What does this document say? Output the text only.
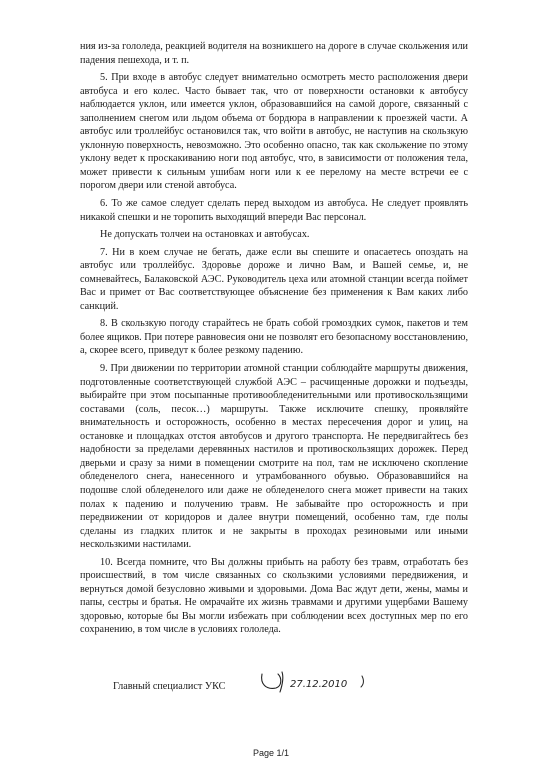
ния из-за гололеда, реакцией водителя на возникшего на дороге в случае скольжения или падения пешехода, и т. п.

5. При входе в автобус следует внимательно осмотреть место расположения двери автобуса и его колес. Часто бывает так, что от поверхности остановки к автобусу наблюдается уклон, или имеется уклон, образовавшийся на самой дороге, связанный с заполнением снегом или льдом объема от бордюра в направлении к проезжей части. А автобус или троллейбус остановился так, что войти в автобус, не наступив на скользкую уклонную поверхность, невозможно. Это особенно опасно, так как скольжение по этому уклону ведет к проскакиванию ноги под автобус, что, в зависимости от положения тела, может привести к сильным ушибам ноги или к ее перелому на месте встречи ее с порогом двери или стеной автобуса.

6. То же самое следует сделать перед выходом из автобуса. Не следует проявлять никакой спешки и не торопить выходящий впереди Вас персонал.

Не допускать толчеи на остановках и автобусах.

7. Ни в коем случае не бегать, даже если вы спешите и опасаетесь опоздать на автобус или троллейбус. Здоровье дороже и лично Вам, и Вашей семье, и, не сомневайтесь, Балаковской АЭС. Руководитель цеха или атомной станции всегда поймет Вас и примет от Вас соответствующее объяснение без применения к Вам каких либо санкций.

8. В скользкую погоду старайтесь не брать собой громоздких сумок, пакетов и тем более ящиков. При потере равновесия они не позволят его безопасному восстановлению, а, скорее всего, приведут к более резкому падению.

9. При движении по территории атомной станции соблюдайте маршруты движения, подготовленные соответствующей службой АЭС – расчищенные дорожки и подъезды, выбирайте при этом посыпанные противообледенительными или противоскользящими составами (соль, песок…) маршруты. Также исключите спешку, проявляйте внимательность и осторожность, особенно в местах пересечения дорог и улиц, на остановке и площадках отстоя автобусов и другого транспорта. Не передвигайтесь без надобности за пределами деревянных настилов и противоскользящих дорожек. Перед дверьми и сразу за ними в помещении смотрите на пол, там не исключено скопление обледенелого снега, нанесенного и утрамбованного обувью. Образовавшийся на подошве слой обледенелого или даже не обледенелого снега может привести на таких полах к падению и получению травм. Не забывайте про осторожность и при передвижении от коридоров и далее внутри помещений, особенно там, где полы сделаны из гладких плиток и не закрыты в проходах резиновыми или иными нескользкими настилами.

10. Всегда помните, что Вы должны прибыть на работу без травм, отработать без происшествий, в том числе связанных со скользкими условиями передвижения, и вернуться домой безусловно живыми и здоровыми. Дома Вас ждут дети, жены, мамы и папы, сестры и братья. Не омрачайте их жизнь травмами и другими ущербами Вашему здоровью, которые бы Вы могли избежать при соблюдении всех доступных мер по его сохранению, в том числе в условиях гололеда.

Главный специалист УКС	27.12.2010
Page 1/1
